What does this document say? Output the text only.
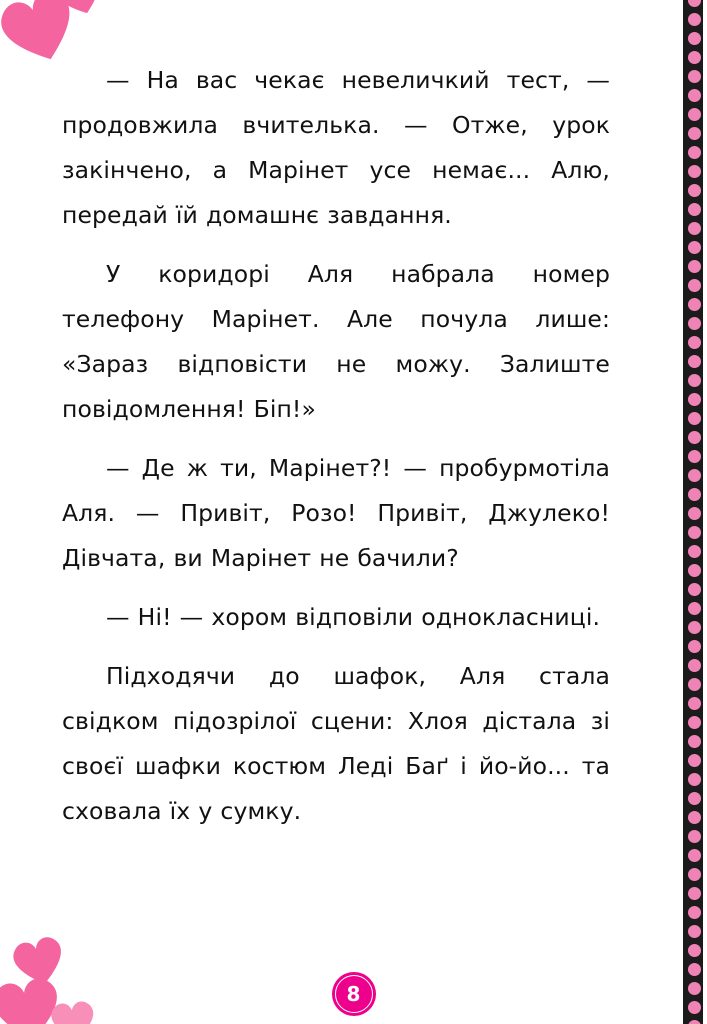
— На вас чекає невеличкий тест, — продовжила вчителька. — Отже, урок закінчено, а Марінет усе немає... Алю, передай їй домашнє завдання.

У коридорі Аля набрала номер телефону Марінет. Але почула лише: «Зараз відповісти не можу. Залиште повідомлення! Біп!»

— Де ж ти, Марінет?! — пробурмотіла Аля. — Привіт, Розо! Привіт, Джулеко! Дівчата, ви Марінет не бачили?

— Ні! — хором відповіли однокласниці.

Підходячи до шафок, Аля стала свідком підозрілої сцени: Хлоя дістала зі своєї шафки костюм Леді Баґ і йо-йо... та сховала їх у сумку.

8
